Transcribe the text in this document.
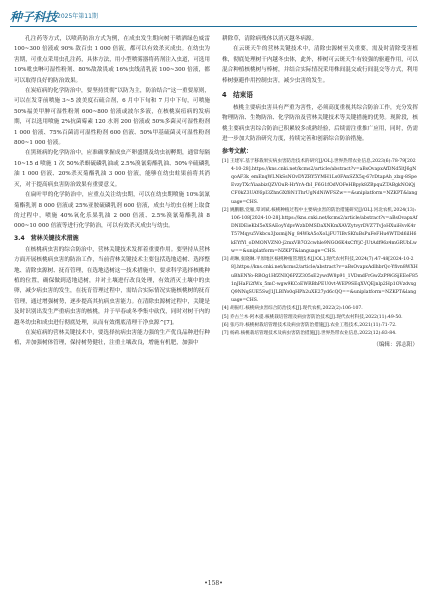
种子科技 2025年第11期

孔注药等方式，以喷药防治方式为例，在成虫发生期向树干喷洒绿色威雷 100~300 倍液或 90% 敌百虫 1 000 倍液，都可以有效杀灭成虫。在幼虫为害期，可重点采用虫孔注药，具体方法，用小型喷雾器将药剂注入虫道，可选用 10%吡虫啉可湿性粉剂、80%敌敌畏或 16%虫线清乳液 100~300 倍液，都可以取得良好的防治效果。

在炭疽病的化学防治中，要坚持贯彻“以防为主，防治结合”这一重要原则，可以在发芽前喷施 3~5 波美度石硫合剂，6 月中下旬和 7 月中下旬，可喷施 50%福美甲胂可湿性粉剂 600~800 倍液或波尔多液，在核桃炭疽病的发病期，可以选用喷施 2%抗菌霉素 120 水剂 200 倍液或 50%多菌灵可湿性粉剂 1 000 倍液、75%百菌清可湿性粉剂 600 倍液、50%甲基硫菌灵可湿性粉剂 800~1 000 倍液。

在黑斑病的化学防治中，应准确掌握成虫产卵盛期及幼虫初孵期，通常每隔 10~15 d 喷施 1 次 50%杀螟硫磷乳油或 2.5%溴氰菊酯乳油、50%辛硫磷乳油 1 000 倍液、20%杀灭菊酯乳油 3 000 倍液，能够在幼虫蛀果前将其消灭，对于提高病虫害防治效果有重要意义。

在扁叶甲的化学防治中，应重点关注幼虫期，可以在幼虫期喷施 10%氯氰菊酯乳剂 8 000 倍液或 25%亚胺硫磷乳剂 600 倍液，成虫与幼虫在树上取食的过程中，喷施 40%氧化乐果乳油 2 000 倍液、2.5%溴氰菊酯乳油 8 000~10 000 倍液等进行化学防治，可以有效杀灭成虫与幼虫。

3.4　营林关键技术措施

在核桃病虫害的综合防治中，营林关键技术发挥着重要作用。要坚持从营林方面开展核桃病虫害的防治工作，当前营林关键技术主要包括选地适树、选择整地、清除虫源树、抚育管理，在选地适树这一技术措施中，要求科学选择核桃种植的位置，确保做到适地适树，并对土壤进行改良处理，有效消灭土壤中的虫卵，减少病虫害的发生，在抚育管理过程中，需结合实际情况实施核桃树的抚育管理，通过增强树势，逐步提高其抗病虫害能力。在清除虫源树过程中，关键是及时识别出发生严重病虫害的核桃，并于早春或冬季集中砍伐，同时对树干内的越冬幼虫和成虫进行彻底处理，从而有效彻底清理干净虫源^[7]。

在炭疽病的营林关键技术中，要选择抗病虫害能力强的生产优良品种进行种植，并加强树体管理，保持树势健壮，注重土壤改良，增施有机肥，加强中

耕除草，清除病残体以消灭越冬病源。

在云斑天牛的营林关键技术中，清除虫源树至关重要，需及时清除受害植株，彻底处理树干内越冬虫体，此外，棒树可云斑天牛有较强的驱避作用，可以混合种植核桃树与棒树，并结合实际情况采用株间混交或行间混交等方式，利用棒树驱避作用控制虫害，减少虫害的发生。

4　结束语

核桃主要病虫害具有严重为害性，必须高度重视其综合防治工作，充分发挥物理防治、生物防治、化学防治及营林关键技术等关键措施的优势。现阶段，核桃主要病虫害综合防治已积累较多成熟经验，后续需注重推广应用，同时，仍需进一步加大防治研究力度，持续完善和创新综合防治措施。

参考文献：
[1] 王建军.基于移栽果实病虫害防治技术的研究[J/OL].世界热带农业信息,2023(6):78-79[2024-10-28].https://kns.cnki.net/kcms2/article/abstract?v=aBsOvapxAfDNd5ltJ6gNqoAF3k_emEnqWLNkSsNOvDYZRY5YMH1Ls0FAnSZX5q-67rDtapAh_zlxg-8SpeEvzyTXcYiaabizQZVOuR-HrYrA-fbI_F6G1fOdVOFeHBpyk8ZBpquZTABgkNOiQjCF0kZ3UAY6pI3ZhnGXf8N1ThrUgNdNiWFSZw==&uniplatform=NZKPT&language=CHS.
[2] 姚鹏鹏,党雁,覃刘斌.核桃种植过程中主要病虫害的防治措施研究[J/OL].河北农机,2024(13):106-108[2024-10-28].https://kns.cnki.net/kcms2/article/abstract?v=aBsOvapxAfDNlDEieKbI5eXSAEoyYdpvWzbDMSDaXNKmXAVZytvyrDVZ7TvJoHXuiHvvK4rT57Mqyu5Vkbcu3JxsmijNg_84WkA5oXoLjFU7IBvSKfuBsPuFeFHu4WTDd6ilH6kEYfYl_oDMONVZN0-j2mxVB7O2cwhle9NGO6K4xCfYjC-JUtAdf96z4mGRUbLww==&uniplatform=NZKPT&language=CHS.
[3] 胡琳,张晓琳.平原地区核桃种植管理技术[J/OL].现代农村科技,2024(7):47-48[2024-10-28].https://kns.cnki.net/kcms2/article/abstract?v=aBsOvapxAdlhbrQc-Yfivn8WXHuBhENYo-RBOg1HfZNIQ6PZZ305sE2ywdW8p91_1VDmdFrGwZzPf4GSjEEeF851nJHaFi2fWx_5mC-wgw9KCoEWRBhPEU0vt-WEP9SEqXVQEjnlp2Hp1OVzdvxgQ9NNqSUE5SwJ1JLBIYo0qHPh2uXE27yd6cQQ==&uniplatform=NZKPT&language=CHS.
[4] 胡振红.核桃病虫害综合防治技术[J].现代农机,2022(2):106-107.
[5] 乔古兰木·阿木提.核桃栽培管理及病虫害防治技术[J].现代农村科技,2022(11):49-50.
[6] 张巧玲.核桃树栽培管理技术及病虫害防治措施[J].农业工程技术,2021(11):71-72.
[7] 杨莉.核桃栽培管理技术及病虫害防治措施[J].世界热带农业信息,2022(12):83-84.
（编辑：郭志阳）
•158•
